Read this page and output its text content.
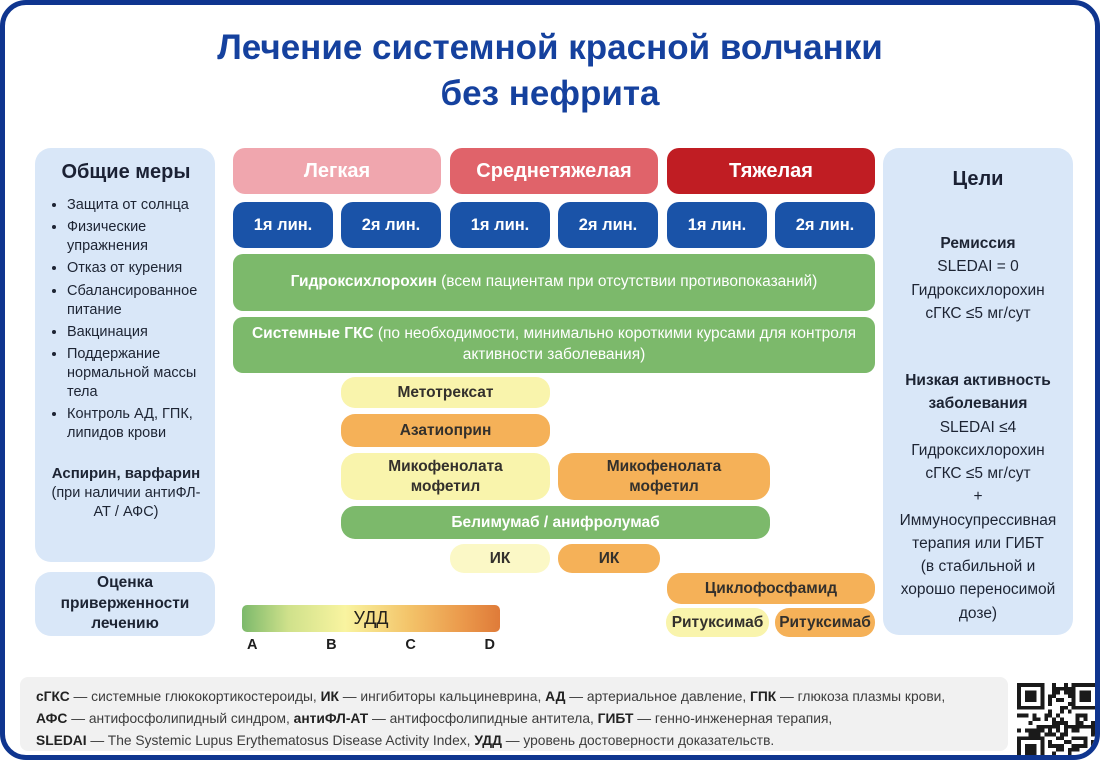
Лечение системной красной волчанки
без нефрита
Общие меры
• Защита от солнца
• Физические упражнения
• Отказ от курения
• Сбалансированное питание
• Вакцинация
• Поддержание нормальной массы тела
• Контроль АД, ГПК, липидов крови
Аспирин, варфарин
(при наличии антиФЛ-АТ / АФС)
Оценка приверженности лечению
Легкая	Среднетяжелая	Тяжелая
1я лин.	2я лин.	1я лин.	2я лин.	1я лин.	2я лин.
Гидроксихлорохин (всем пациентам при отсутствии противопоказаний)
Системные ГКС (по необходимости, минимально короткими курсами для контроля активности заболевания)
Метотрексат
Азатиоприн
Микофенолата мофетил
Микофенолата мофетил
Белимумаб / анифролумаб
ИК	ИК
Циклофосфамид
Ритуксимаб	Ритуксимаб
УДД
A	B	C	D
Цели
Ремиссия
SLEDAI = 0
Гидроксихлорохин
сГКС ≤5 мг/сут
Низкая активность заболевания
SLEDAI ≤4
Гидроксихлорохин
сГКС ≤5 мг/сут
+
Иммуносупрессивная терапия или ГИБТ
(в стабильной и хорошо переносимой дозе)
сГКС — системные глюкокортикостероиды, ИК — ингибиторы кальциневрина, АД — артериальное давление, ГПК — глюкоза плазмы крови,
АФС — антифосфолипидный синдром, антиФЛ-АТ — антифосфолипидные антитела, ГИБТ — генно-инженерная терапия,
SLEDAI — The Systemic Lupus Erythematosus Disease Activity Index, УДД — уровень достоверности доказательств.
